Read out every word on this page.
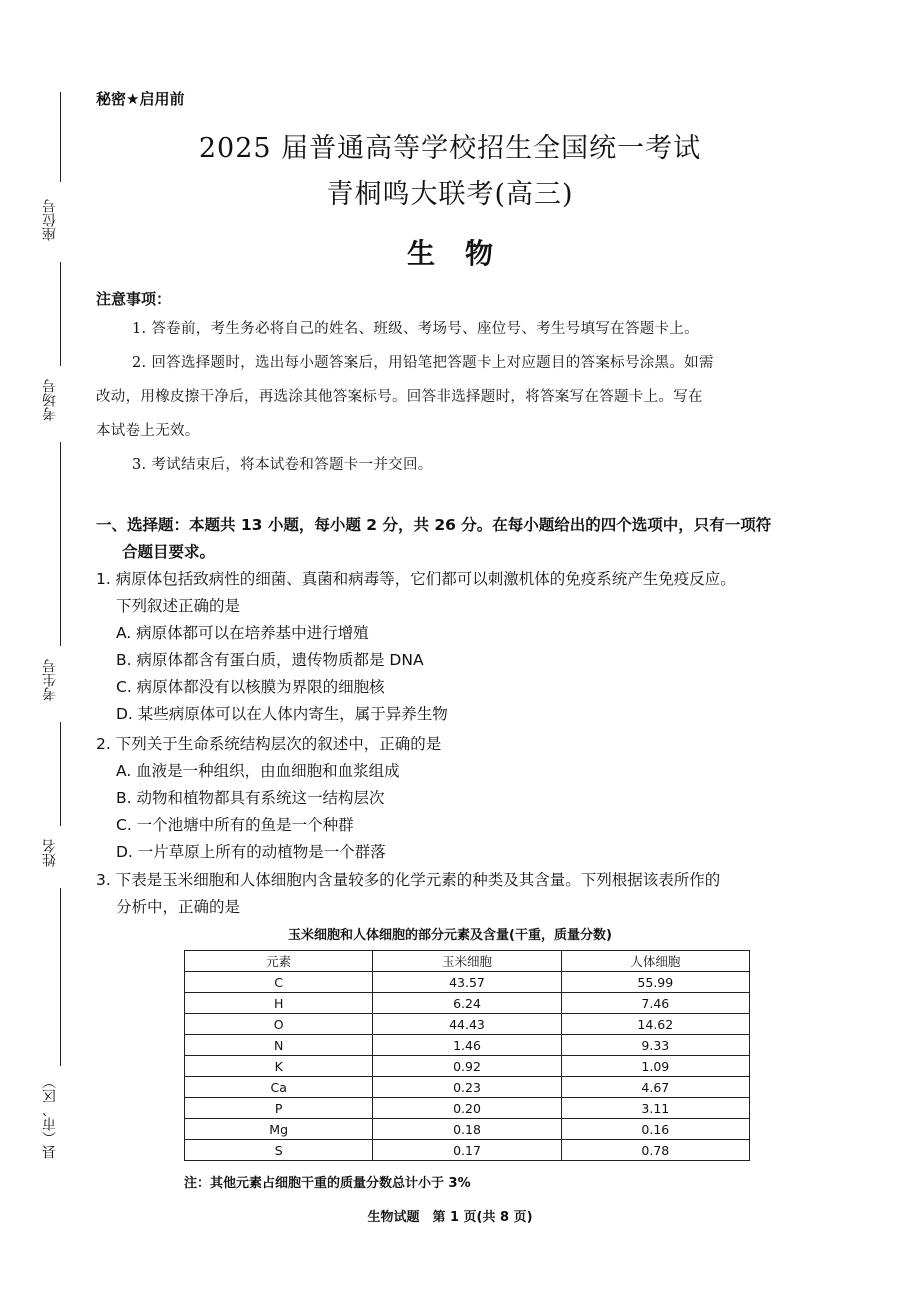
座位号
考场号
考生号
姓名
县（市、区）
秘密★启用前
2025 届普通高等学校招生全国统一考试
青桐鸣大联考(高三)
生物
注意事项：
1. 答卷前，考生务必将自己的姓名、班级、考场号、座位号、考生号填写在答题卡上。
2. 回答选择题时，选出每小题答案后，用铅笔把答题卡上对应题目的答案标号涂黑。如需
改动，用橡皮擦干净后，再选涂其他答案标号。回答非选择题时，将答案写在答题卡上。写在
本试卷上无效。
3. 考试结束后，将本试卷和答题卡一并交回。
一、选择题：本题共 13 小题，每小题 2 分，共 26 分。在每小题给出的四个选项中，只有一项符
合题目要求。
1. 病原体包括致病性的细菌、真菌和病毒等，它们都可以刺激机体的免疫系统产生免疫反应。
下列叙述正确的是
A. 病原体都可以在培养基中进行增殖
B. 病原体都含有蛋白质，遗传物质都是 DNA
C. 病原体都没有以核膜为界限的细胞核
D. 某些病原体可以在人体内寄生，属于异养生物
2. 下列关于生命系统结构层次的叙述中，正确的是
A. 血液是一种组织，由血细胞和血浆组成
B. 动物和植物都具有系统这一结构层次
C. 一个池塘中所有的鱼是一个种群
D. 一片草原上所有的动植物是一个群落
3. 下表是玉米细胞和人体细胞内含量较多的化学元素的种类及其含量。下列根据该表所作的
分析中，正确的是
玉米细胞和人体细胞的部分元素及含量(干重，质量分数)
元素	玉米细胞	人体细胞
C	43.57	55.99
H	6.24	7.46
O	44.43	14.62
N	1.46	9.33
K	0.92	1.09
Ca	0.23	4.67
P	0.20	3.11
Mg	0.18	0.16
S	0.17	0.78
注：其他元素占细胞干重的质量分数总计小于 3%
生物试题　第 1 页(共 8 页)
